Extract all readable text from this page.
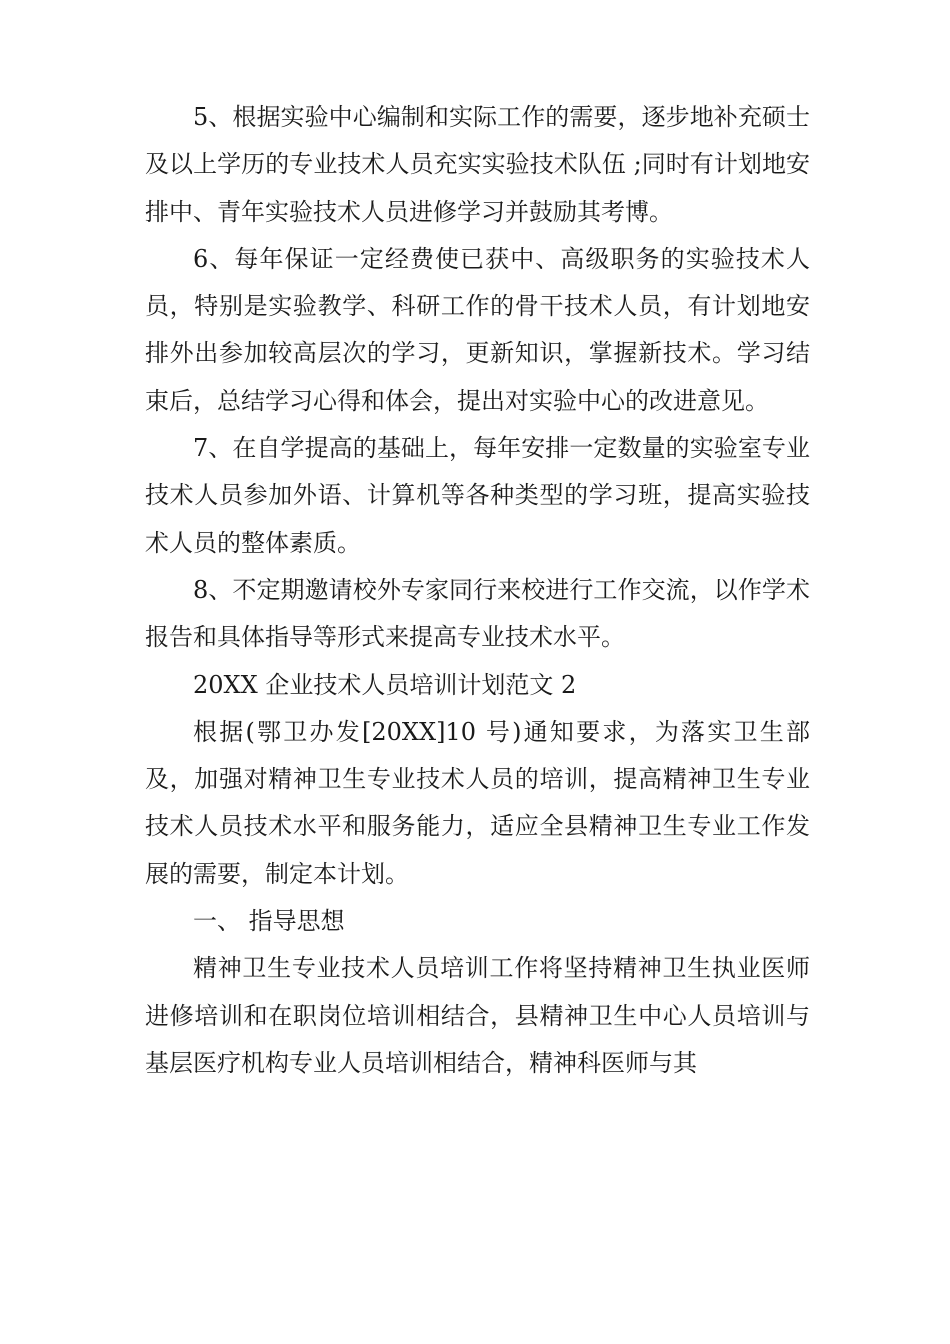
5、根据实验中心编制和实际工作的需要，逐步地补充硕士及以上学历的专业技术人员充实实验技术队伍 ;同时有计划地安排中、青年实验技术人员进修学习并鼓励其考博。

6、每年保证一定经费使已获中、高级职务的实验技术人员，特别是实验教学、科研工作的骨干技术人员，有计划地安排外出参加较高层次的学习，更新知识，掌握新技术。学习结束后，总结学习心得和体会，提出对实验中心的改进意见。

7、在自学提高的基础上，每年安排一定数量的实验室专业技术人员参加外语、计算机等各种类型的学习班，提高实验技术人员的整体素质。

8、不定期邀请校外专家同行来校进行工作交流，以作学术报告和具体指导等形式来提高专业技术水平。

20XX 企业技术人员培训计划范文 2

根据(鄂卫办发[20XX]10 号)通知要求，为落实卫生部及，加强对精神卫生专业技术人员的培训，提高精神卫生专业技术人员技术水平和服务能力，适应全县精神卫生专业工作发展的需要，制定本计划。

一、 指导思想

精神卫生专业技术人员培训工作将坚持精神卫生执业医师进修培训和在职岗位培训相结合，县精神卫生中心人员培训与基层医疗机构专业人员培训相结合，精神科医师与其
